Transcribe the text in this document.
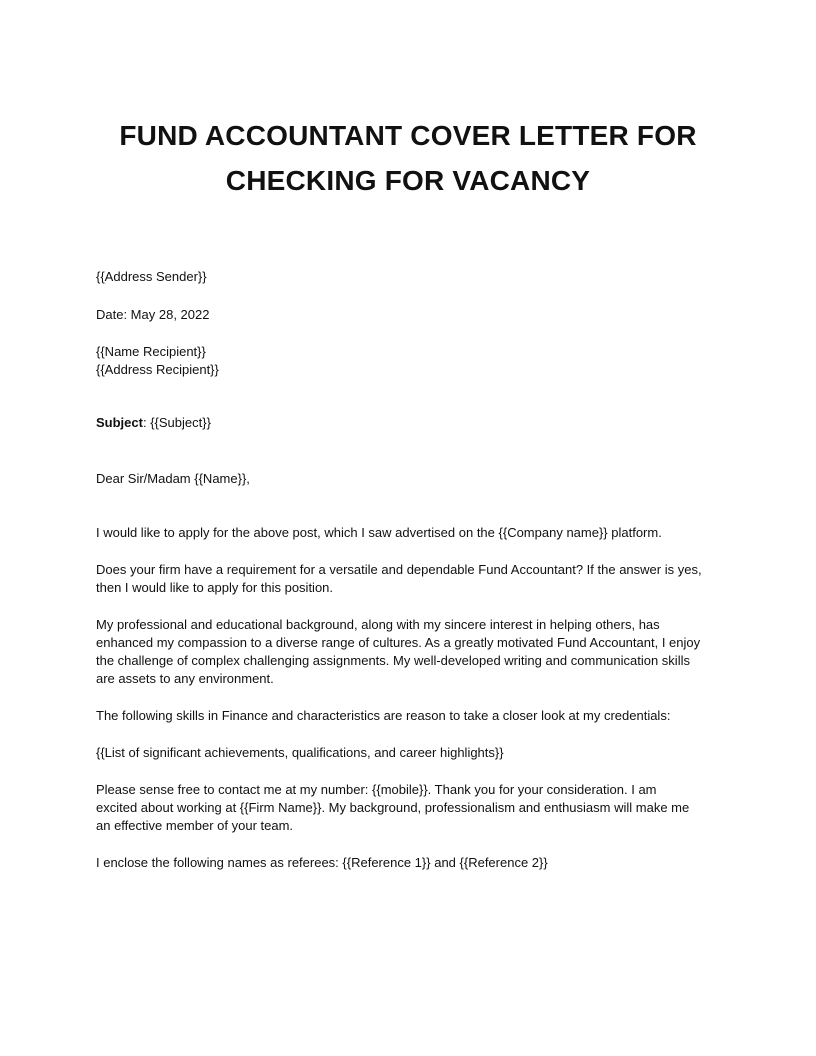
FUND ACCOUNTANT COVER LETTER FOR
CHECKING FOR VACANCY

{{Address Sender}}

Date: May 28, 2022

{{Name Recipient}}
{{Address Recipient}}

Subject: {{Subject}}

Dear Sir/Madam {{Name}},

I would like to apply for the above post, which I saw advertised on the {{Company name}} platform.

Does your firm have a requirement for a versatile and dependable Fund Accountant? If the answer is yes,
then I would like to apply for this position.

My professional and educational background, along with my sincere interest in helping others, has
enhanced my compassion to a diverse range of cultures. As a greatly motivated Fund Accountant, I enjoy
the challenge of complex challenging assignments. My well-developed writing and communication skills
are assets to any environment.

The following skills in Finance and characteristics are reason to take a closer look at my credentials:

{{List of significant achievements, qualifications, and career highlights}}

Please sense free to contact me at my number: {{mobile}}. Thank you for your consideration. I am
excited about working at {{Firm Name}}. My background, professionalism and enthusiasm will make me
an effective member of your team.

I enclose the following names as referees: {{Reference 1}} and {{Reference 2}}
